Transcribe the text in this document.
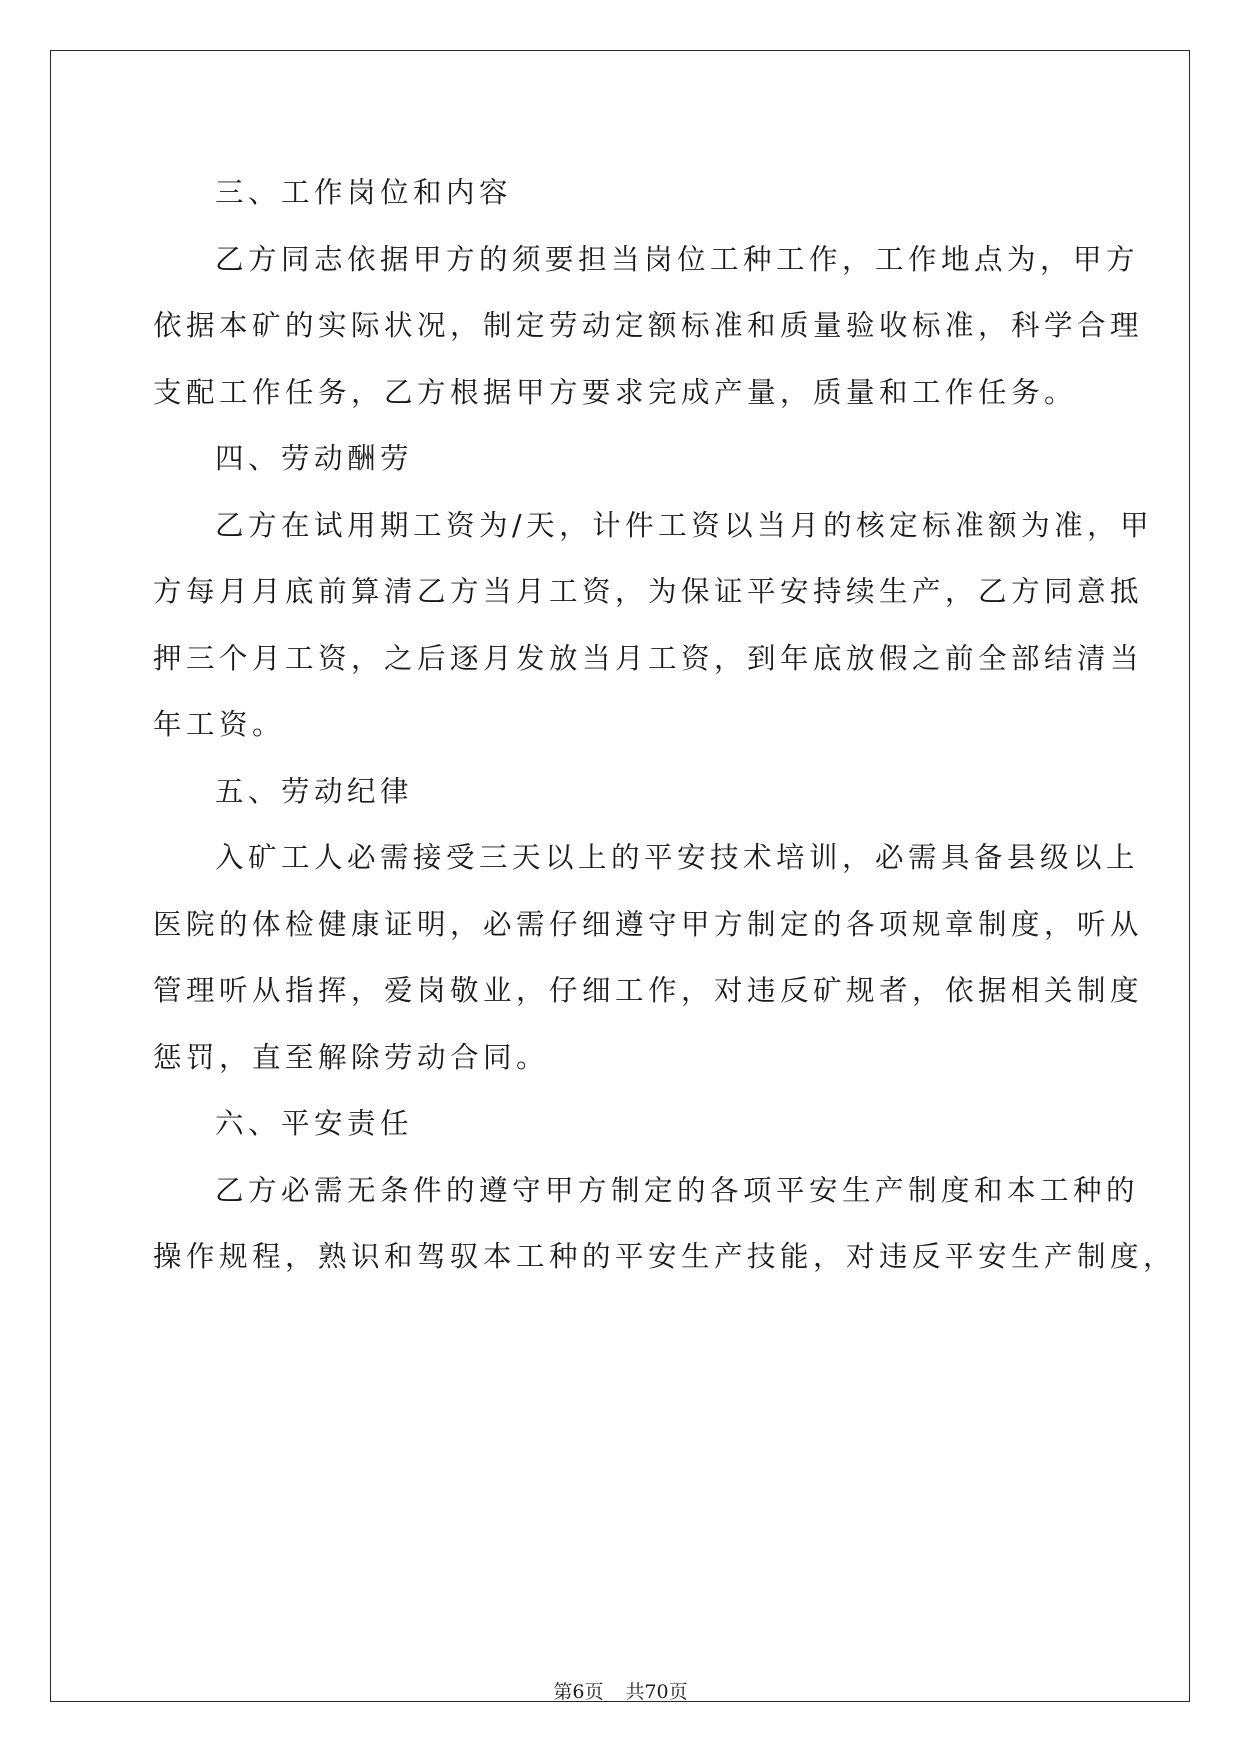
三、工作岗位和内容
乙方同志依据甲方的须要担当岗位工种工作，工作地点为，甲方
依据本矿的实际状况，制定劳动定额标准和质量验收标准，科学合理
支配工作任务，乙方根据甲方要求完成产量，质量和工作任务。
四、劳动酬劳
乙方在试用期工资为/天，计件工资以当月的核定标准额为准，甲
方每月月底前算清乙方当月工资，为保证平安持续生产，乙方同意抵
押三个月工资，之后逐月发放当月工资，到年底放假之前全部结清当
年工资。
五、劳动纪律
入矿工人必需接受三天以上的平安技术培训，必需具备县级以上
医院的体检健康证明，必需仔细遵守甲方制定的各项规章制度，听从
管理听从指挥，爱岗敬业，仔细工作，对违反矿规者，依据相关制度
惩罚，直至解除劳动合同。
六、平安责任
乙方必需无条件的遵守甲方制定的各项平安生产制度和本工种的
操作规程，熟识和驾驭本工种的平安生产技能，对违反平安生产制度，
第6页 共70页
